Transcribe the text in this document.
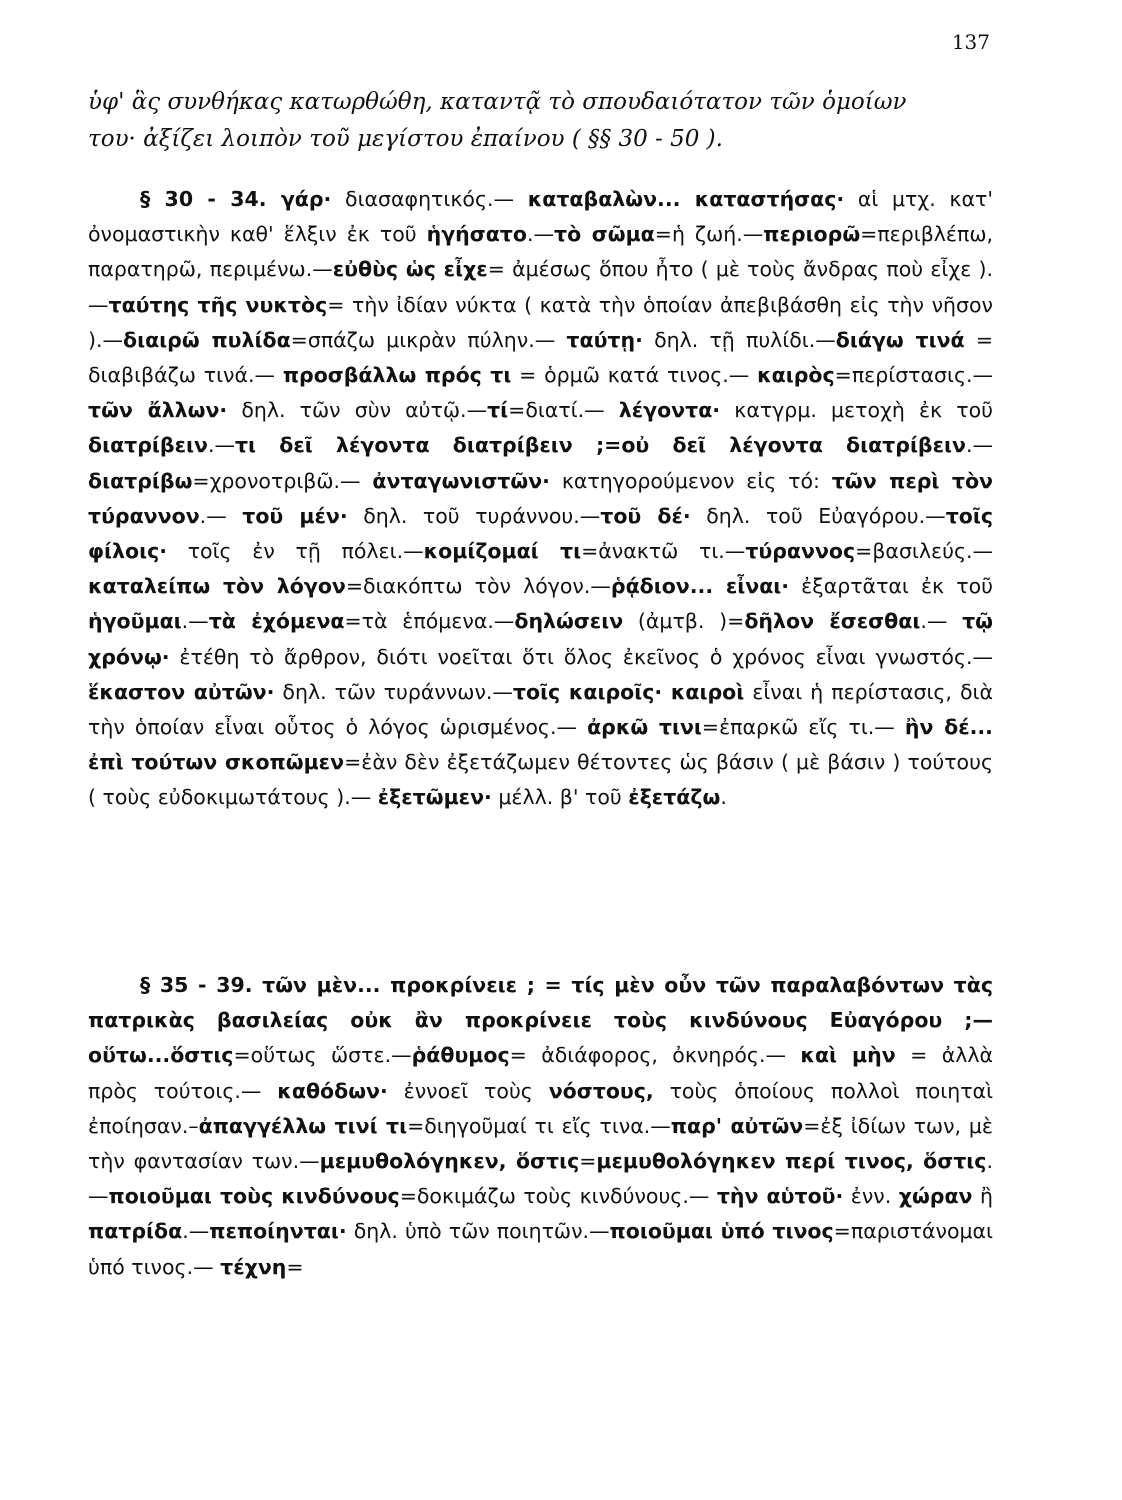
137
ὑφ' ἃς συνθήκας κατωρθώθη, καταντᾷ τὸ σπουδαιότατον τῶν ὁμοίων
του· ἀξίζει λοιπὸν τοῦ μεγίστου ἐπαίνου ( §§ 30 - 50 ).
§ 30 - 34. γάρ· διασαφητικός.— καταβαλὼν... καταστήσας· αἱ μτχ. κατ' ὀνομαστικὴν καθ' ἕλξιν ἐκ τοῦ ἡγήσατο.—τὸ σῶμα=ἡ ζωή.—περιορῶ=περιβλέπω, παρατηρῶ, περιμένω.—εὐθὺς ὡς εἶχε= ἀμέσως ὅπου ἦτο ( μὲ τοὺς ἄνδρας ποὺ εἶχε ).—ταύτης τῆς νυκτὸς= τὴν ἰδίαν νύκτα ( κατὰ τὴν ὁποίαν ἀπεβιβάσθη εἰς τὴν νῆσον ).—διαιρῶ πυλίδα=σπάζω μικρὰν πύλην.— ταύτῃ· δηλ. τῇ πυλίδι.—διάγω τινά = διαβιβάζω τινά.— προσβάλλω πρός τι = ὁρμῶ κατά τινος.— καιρὸς=περίστασις.—τῶν ἄλλων· δηλ. τῶν σὺν αὐτῷ.—τί=διατί.— λέγοντα· κατγρμ. μετοχὴ ἐκ τοῦ διατρίβειν.—τι δεῖ λέγοντα διατρίβειν ;=οὐ δεῖ λέγοντα διατρίβειν.—διατρίβω=χρονοτριβῶ.— ἀνταγωνιστῶν· κατηγορούμενον εἰς τό: τῶν περὶ τὸν τύραννον.— τοῦ μέν· δηλ. τοῦ τυράννου.—τοῦ δέ· δηλ. τοῦ Εὐαγόρου.—τοῖς φίλοις· τοῖς ἐν τῇ πόλει.—κομίζομαί τι=ἀνακτῶ τι.—τύραννος=βασιλεύς.—καταλείπω τὸν λόγον=διακόπτω τὸν λόγον.—ῥᾴδιον... εἶναι· ἐξαρτᾶται ἐκ τοῦ ἡγοῦμαι.—τὰ ἐχόμενα=τὰ ἑπόμενα.—δηλώσειν (ἀμτβ. )=δῆλον ἔσεσθαι.— τῷ χρόνῳ· ἐτέθη τὸ ἄρθρον, διότι νοεῖται ὅτι ὅλος ἐκεῖνος ὁ χρόνος εἶναι γνωστός.—ἕκαστον αὐτῶν· δηλ. τῶν τυράννων.—τοῖς καιροῖς· καιροὶ εἶναι ἡ περίστασις, διὰ τὴν ὁποίαν εἶναι οὗτος ὁ λόγος ὡρισμένος.— ἀρκῶ τινι=ἐπαρκῶ εἴς τι.— ἢν δέ... ἐπὶ τούτων σκοπῶμεν=ἐὰν δὲν ἐξετάζωμεν θέτοντες ὡς βάσιν ( μὲ βάσιν ) τούτους ( τοὺς εὐδοκιμωτάτους ).— ἐξετῶμεν· μέλλ. β' τοῦ ἐξετάζω.
§ 35 - 39. τῶν μὲν... προκρίνειε ; = τίς μὲν οὖν τῶν παραλαβόντων τὰς πατρικὰς βασιλείας οὐκ ἂν προκρίνειε τοὺς κινδύνους Εὐαγόρου ;—οὕτω...ὅστις=οὕτως ὥστε.—ῥάθυμος= ἀδιάφορος, ὀκνηρός.— καὶ μὴν = ἀλλὰ πρὸς τούτοις.— καθόδων· ἐννοεῖ τοὺς νόστους, τοὺς ὁποίους πολλοὶ ποιηταὶ ἐποίησαν.–ἀπαγγέλλω τινί τι=διηγοῦμαί τι εἴς τινα.—παρ' αὐτῶν=ἐξ ἰδίων των, μὲ τὴν φαντασίαν των.—μεμυθολόγηκεν, ὅστις=μεμυθολόγηκεν περί τινος, ὅστις.—ποιοῦμαι τοὺς κινδύνους=δοκιμάζω τοὺς κινδύνους.— τὴν αὑτοῦ· ἐνν. χώραν ἢ πατρίδα.—πεποίηνται· δηλ. ὑπὸ τῶν ποιητῶν.—ποιοῦμαι ὑπό τινος=παριστάνομαι ὑπό τινος.— τέχνη=
